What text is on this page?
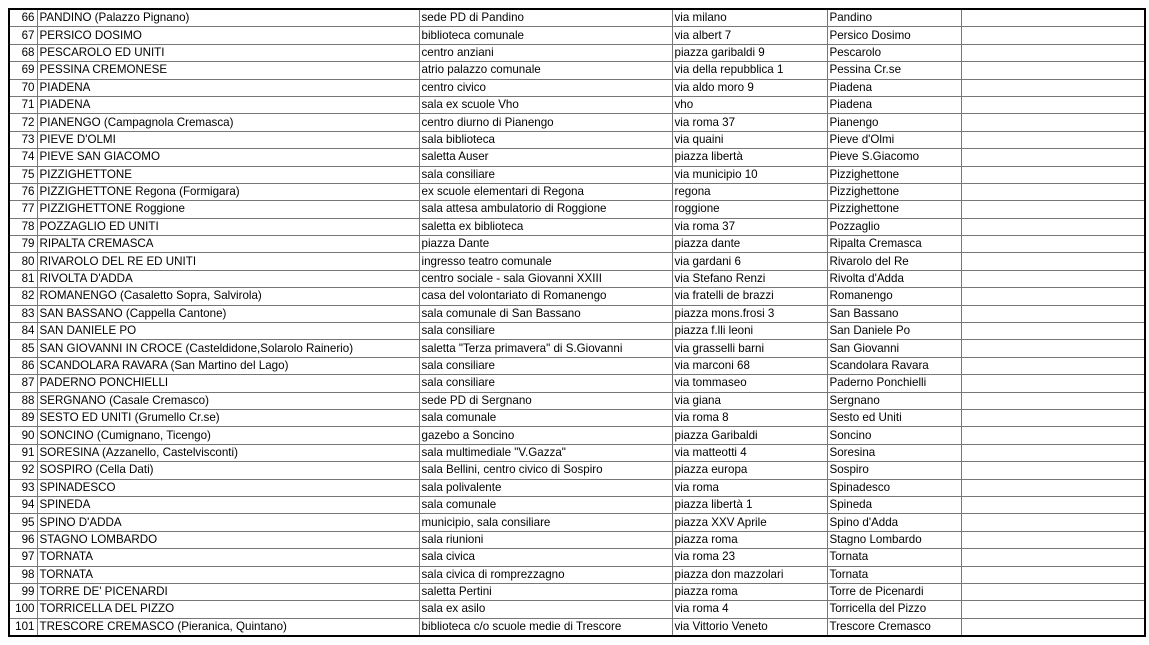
66	PANDINO (Palazzo Pignano)	sede PD di Pandino	via milano	Pandino	
67	PERSICO DOSIMO	biblioteca comunale	via albert 7	Persico Dosimo	
68	PESCAROLO ED UNITI	centro anziani	piazza garibaldi 9	Pescarolo	
69	PESSINA CREMONESE	atrio palazzo comunale	via della repubblica 1	Pessina Cr.se	
70	PIADENA	centro civico	via aldo moro 9	Piadena	
71	PIADENA	sala ex scuole Vho	vho	Piadena	
72	PIANENGO (Campagnola Cremasca)	centro diurno di Pianengo	via roma 37	Pianengo	
73	PIEVE D'OLMI	sala biblioteca	via quaini	Pieve d'Olmi	
74	PIEVE SAN GIACOMO	saletta Auser	piazza libertà	Pieve S.Giacomo	
75	PIZZIGHETTONE	sala consiliare	via municipio 10	Pizzighettone	
76	PIZZIGHETTONE Regona (Formigara)	ex scuole elementari di Regona	regona	Pizzighettone	
77	PIZZIGHETTONE Roggione	sala attesa ambulatorio di Roggione	roggione	Pizzighettone	
78	POZZAGLIO ED UNITI	saletta ex biblioteca	via roma 37	Pozzaglio	
79	RIPALTA CREMASCA	piazza Dante	piazza dante	Ripalta Cremasca	
80	RIVAROLO DEL RE ED UNITI	ingresso teatro comunale	via gardani 6	Rivarolo del Re	
81	RIVOLTA D'ADDA	centro sociale - sala Giovanni XXIII	via Stefano Renzi	Rivolta d'Adda	
82	ROMANENGO (Casaletto Sopra, Salvirola)	casa del volontariato di Romanengo	via fratelli de brazzi	Romanengo	
83	SAN BASSANO (Cappella Cantone)	sala comunale di San Bassano	piazza mons.frosi 3	San Bassano	
84	SAN DANIELE PO	sala consiliare	piazza f.lli leoni	San Daniele Po	
85	SAN GIOVANNI IN CROCE (Casteldidone,Solarolo Rainerio)	saletta "Terza primavera" di S.Giovanni	via grasselli barni	San Giovanni	
86	SCANDOLARA RAVARA (San Martino del Lago)	sala consiliare	via marconi 68	Scandolara Ravara	
87	PADERNO PONCHIELLI	sala consiliare	via tommaseo	Paderno Ponchielli	
88	SERGNANO (Casale Cremasco)	sede PD di Sergnano	via giana	Sergnano	
89	SESTO ED UNITI (Grumello Cr.se)	sala comunale	via roma 8	Sesto ed Uniti	
90	SONCINO (Cumignano, Ticengo)	gazebo a Soncino	piazza Garibaldi	Soncino	
91	SORESINA (Azzanello, Castelvisconti)	sala multimediale "V.Gazza"	via matteotti 4	Soresina	
92	SOSPIRO (Cella Dati)	sala Bellini, centro civico di Sospiro	piazza europa	Sospiro	
93	SPINADESCO	sala polivalente	via roma	Spinadesco	
94	SPINEDA	sala comunale	piazza libertà 1	Spineda	
95	SPINO D'ADDA	municipio, sala consiliare	piazza XXV Aprile	Spino d'Adda	
96	STAGNO LOMBARDO	sala riunioni	piazza roma	Stagno Lombardo	
97	TORNATA	sala civica	via roma 23	Tornata	
98	TORNATA	sala civica di romprezzagno	piazza don mazzolari	Tornata	
99	TORRE DE' PICENARDI	saletta Pertini	piazza roma	Torre de Picenardi	
100	TORRICELLA DEL PIZZO	sala ex asilo	via roma 4	Torricella del Pizzo	
101	TRESCORE CREMASCO (Pieranica, Quintano)	biblioteca c/o scuole medie di Trescore	via Vittorio Veneto	Trescore Cremasco	
